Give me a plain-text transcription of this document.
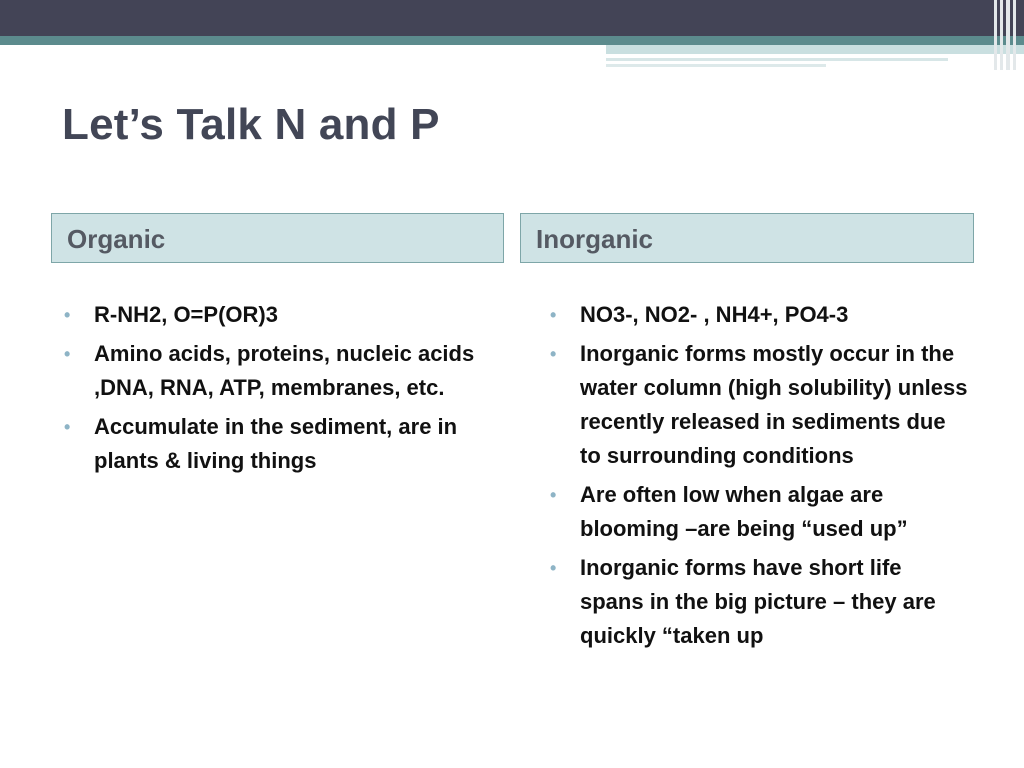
Let’s Talk N and P
Organic	Inorganic
• R-NH2, O=P(OR)3
• Amino acids, proteins, nucleic acids ,DNA, RNA, ATP, membranes, etc.
• Accumulate in the sediment, are in plants & living things
• NO3-, NO2- , NH4+, PO4-3
• Inorganic forms mostly occur in the water column (high solubility) unless recently released in sediments due to surrounding conditions
• Are often low when algae are blooming –are being “used up”
• Inorganic forms have short life spans in the big picture – they are quickly “taken up
